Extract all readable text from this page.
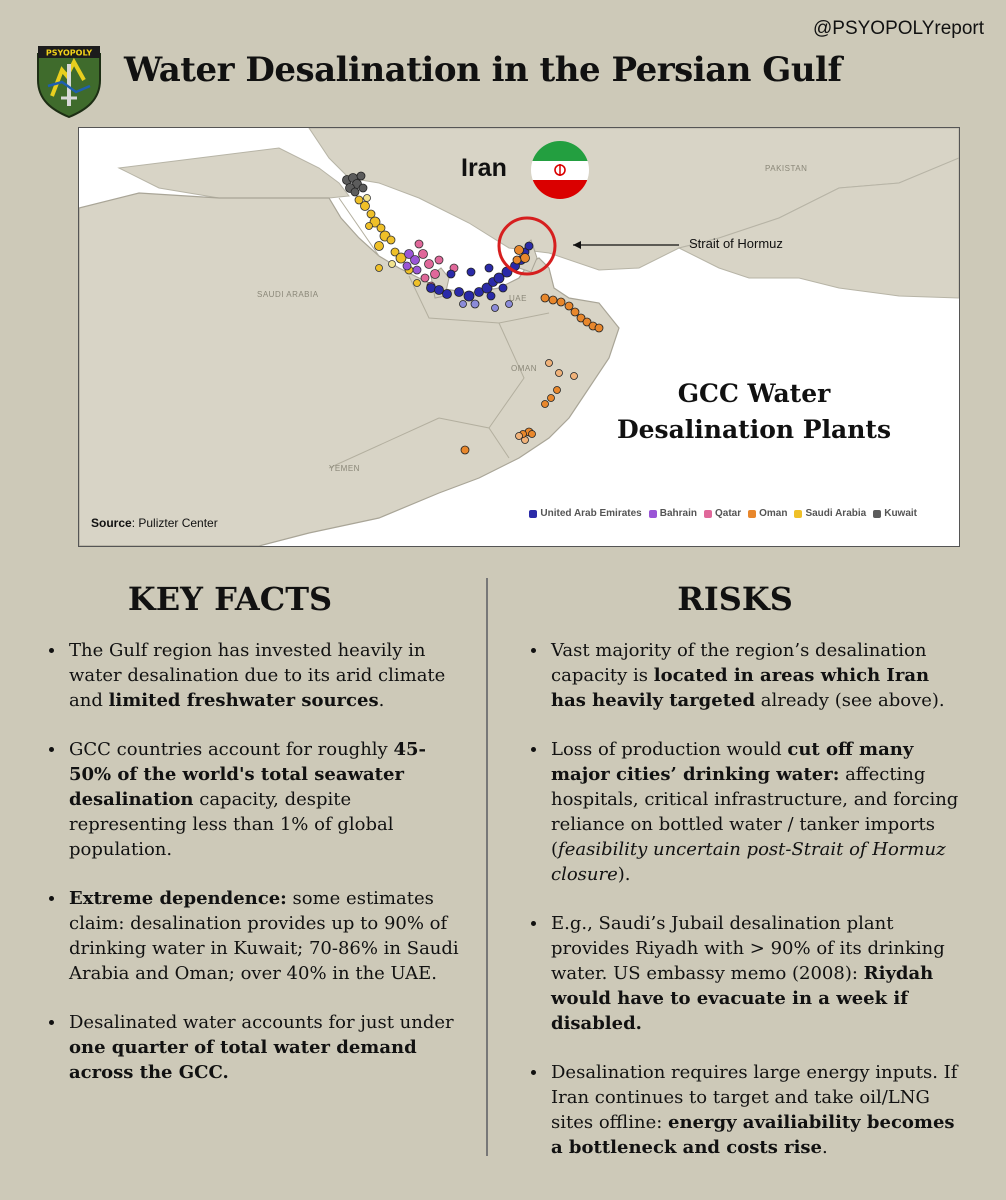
@PSYOPOLYreport
PSYOPOLY Water Desalination in the Persian Gulf
Iran
Strait of Hormuz
PAKISTAN
SAUDI ARABIA
OMAN
YEMEN
UAE
GCC Water
Desalination Plants
Source: Pulizter Center
United Arab Emirates Bahrain Qatar Oman Saudi Arabia Kuwait
KEY FACTS	RISKS
• The Gulf region has invested heavily in water desalination due to its arid climate and limited freshwater sources.
• GCC countries account for roughly 45-50% of the world's total seawater desalination capacity, despite representing less than 1% of global population.
• Extreme dependence: some estimates claim: desalination provides up to 90% of drinking water in Kuwait; 70-86% in Saudi Arabia and Oman; over 40% in the UAE.
• Desalinated water accounts for just under one quarter of total water demand across the GCC.
• Vast majority of the region’s desalination capacity is located in areas which Iran has heavily targeted already (see above).
• Loss of production would cut off many major cities’ drinking water: affecting hospitals, critical infrastructure, and forcing reliance on bottled water / tanker imports (feasibility uncertain post-Strait of Hormuz closure).
• E.g., Saudi’s Jubail desalination plant provides Riyadh with > 90% of its drinking water. US embassy memo (2008): Riydah would have to evacuate in a week if disabled.
• Desalination requires large energy inputs. If Iran continues to target and take oil/LNG sites offline: energy availiability becomes a bottleneck and costs rise.
